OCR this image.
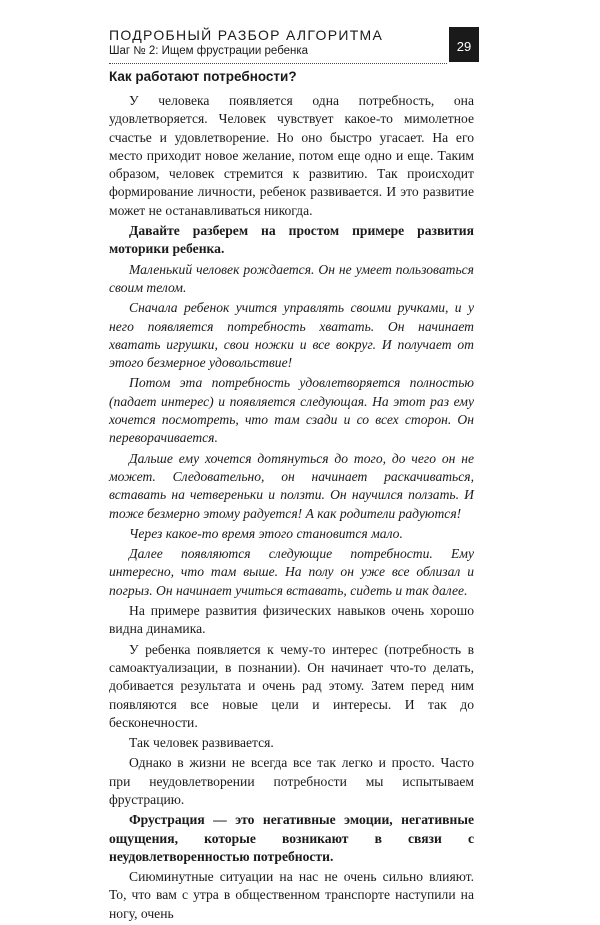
ПОДРОБНЫЙ РАЗБОР АЛГОРИТМА
Шаг № 2: Ищем фрустрации ребенка	29
Как работают потребности?

У человека появляется одна потребность, она удовлетворяется. Человек чувствует какое-то мимолетное счастье и удовлетворение. Но оно быстро угасает. На его место приходит новое желание, потом еще одно и еще. Таким образом, человек стремится к развитию. Так происходит формирование личности, ребенок развивается. И это развитие может не останавливаться никогда.

Давайте разберем на простом примере развития моторики ребенка.

Маленький человек рождается. Он не умеет пользоваться своим телом.

Сначала ребенок учится управлять своими ручками, и у него появляется потребность хватать. Он начинает хватать игрушки, свои ножки и все вокруг. И получает от этого безмерное удовольствие!

Потом эта потребность удовлетворяется полностью (падает интерес) и появляется следующая. На этот раз ему хочется посмотреть, что там сзади и со всех сторон. Он переворачивается.

Дальше ему хочется дотянуться до того, до чего он не может. Следовательно, он начинает раскачиваться, вставать на четвереньки и ползти. Он научился ползать. И тоже безмерно этому радуется! А как родители радуются!

Через какое-то время этого становится мало.

Далее появляются следующие потребности. Ему интересно, что там выше. На полу он уже все облизал и погрыз. Он начинает учиться вставать, сидеть и так далее.

На примере развития физических навыков очень хорошо видна динамика.

У ребенка появляется к чему-то интерес (потребность в самоактуализации, в познании). Он начинает что-то делать, добивается результата и очень рад этому. Затем перед ним появляются все новые цели и интересы. И так до бесконечности.

Так человек развивается.

Однако в жизни не всегда все так легко и просто. Часто при неудовлетворении потребности мы испытываем фрустрацию.

Фрустрация — это негативные эмоции, негативные ощущения, которые возникают в связи с неудовлетворенностью потребности.

Сиюминутные ситуации на нас не очень сильно влияют. То, что вам с утра в общественном транспорте наступили на ногу, очень
